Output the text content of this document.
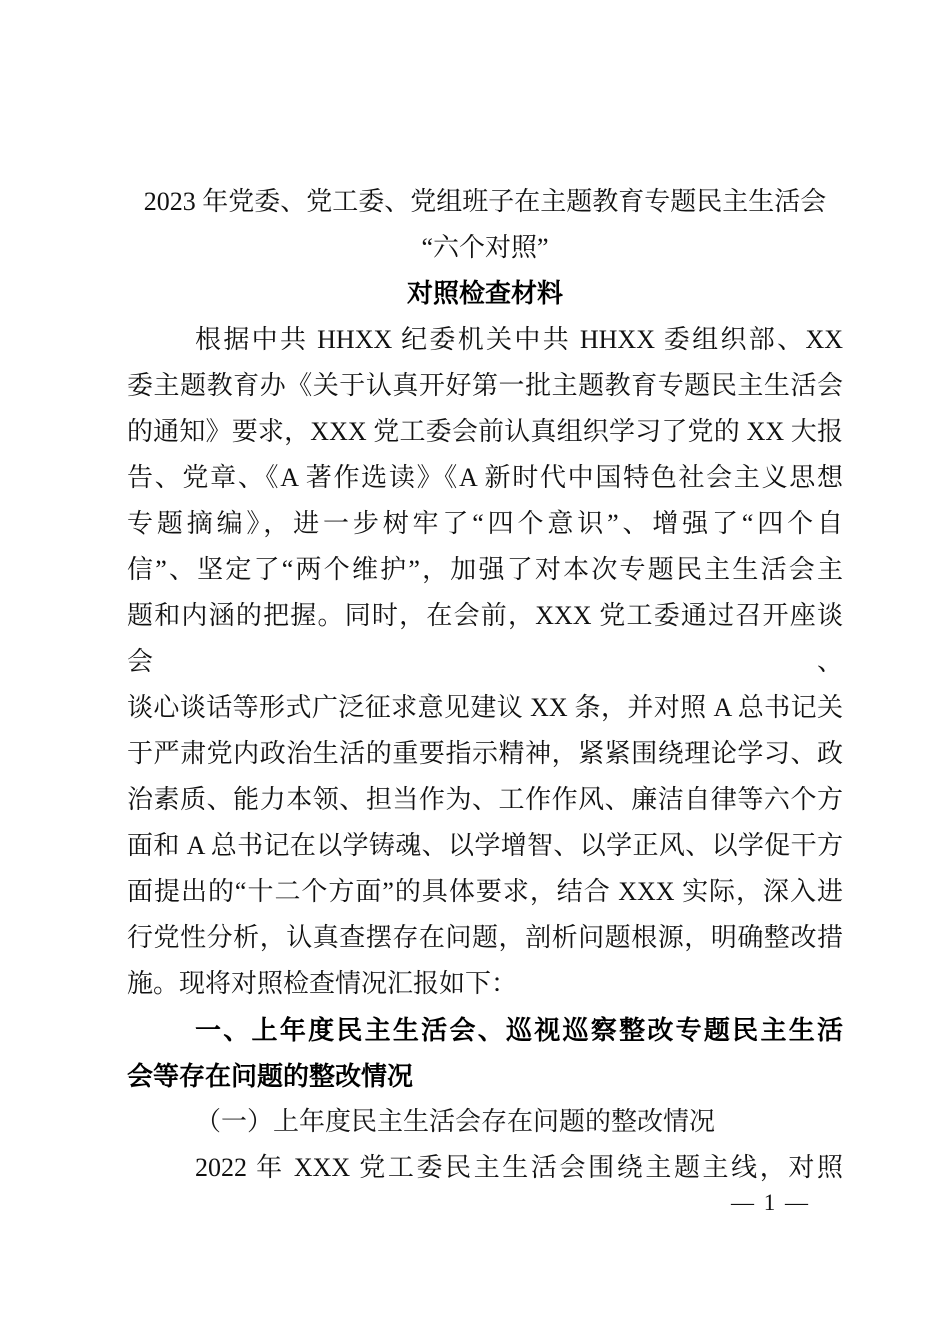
2023 年党委、党工委、党组班子在主题教育专题民主生活会
“六个对照”
对照检查材料
根据中共 HHXX 纪委机关中共 HHXX 委组织部、XX
委主题教育办《关于认真开好第一批主题教育专题民主生活会
的通知》要求，XXX 党工委会前认真组织学习了党的 XX 大报
告、党章、《A 著作选读》《A 新时代中国特色社会主义思想
专题摘编》，进一步树牢了“四个意识”、增强了“四个自
信”、坚定了“两个维护”，加强了对本次专题民主生活会主
题和内涵的把握。同时，在会前，XXX 党工委通过召开座谈会、
谈心谈话等形式广泛征求意见建议 XX 条，并对照 A 总书记关
于严肃党内政治生活的重要指示精神，紧紧围绕理论学习、政
治素质、能力本领、担当作为、工作作风、廉洁自律等六个方
面和 A 总书记在以学铸魂、以学增智、以学正风、以学促干方
面提出的“十二个方面”的具体要求，结合 XXX 实际，深入进
行党性分析，认真查摆存在问题，剖析问题根源，明确整改措
施。现将对照检查情况汇报如下：
一、上年度民主生活会、巡视巡察整改专题民主生活
会等存在问题的整改情况
（一）上年度民主生活会存在问题的整改情况
2022 年 XXX 党工委民主生活会围绕主题主线，对照
— 1 —
